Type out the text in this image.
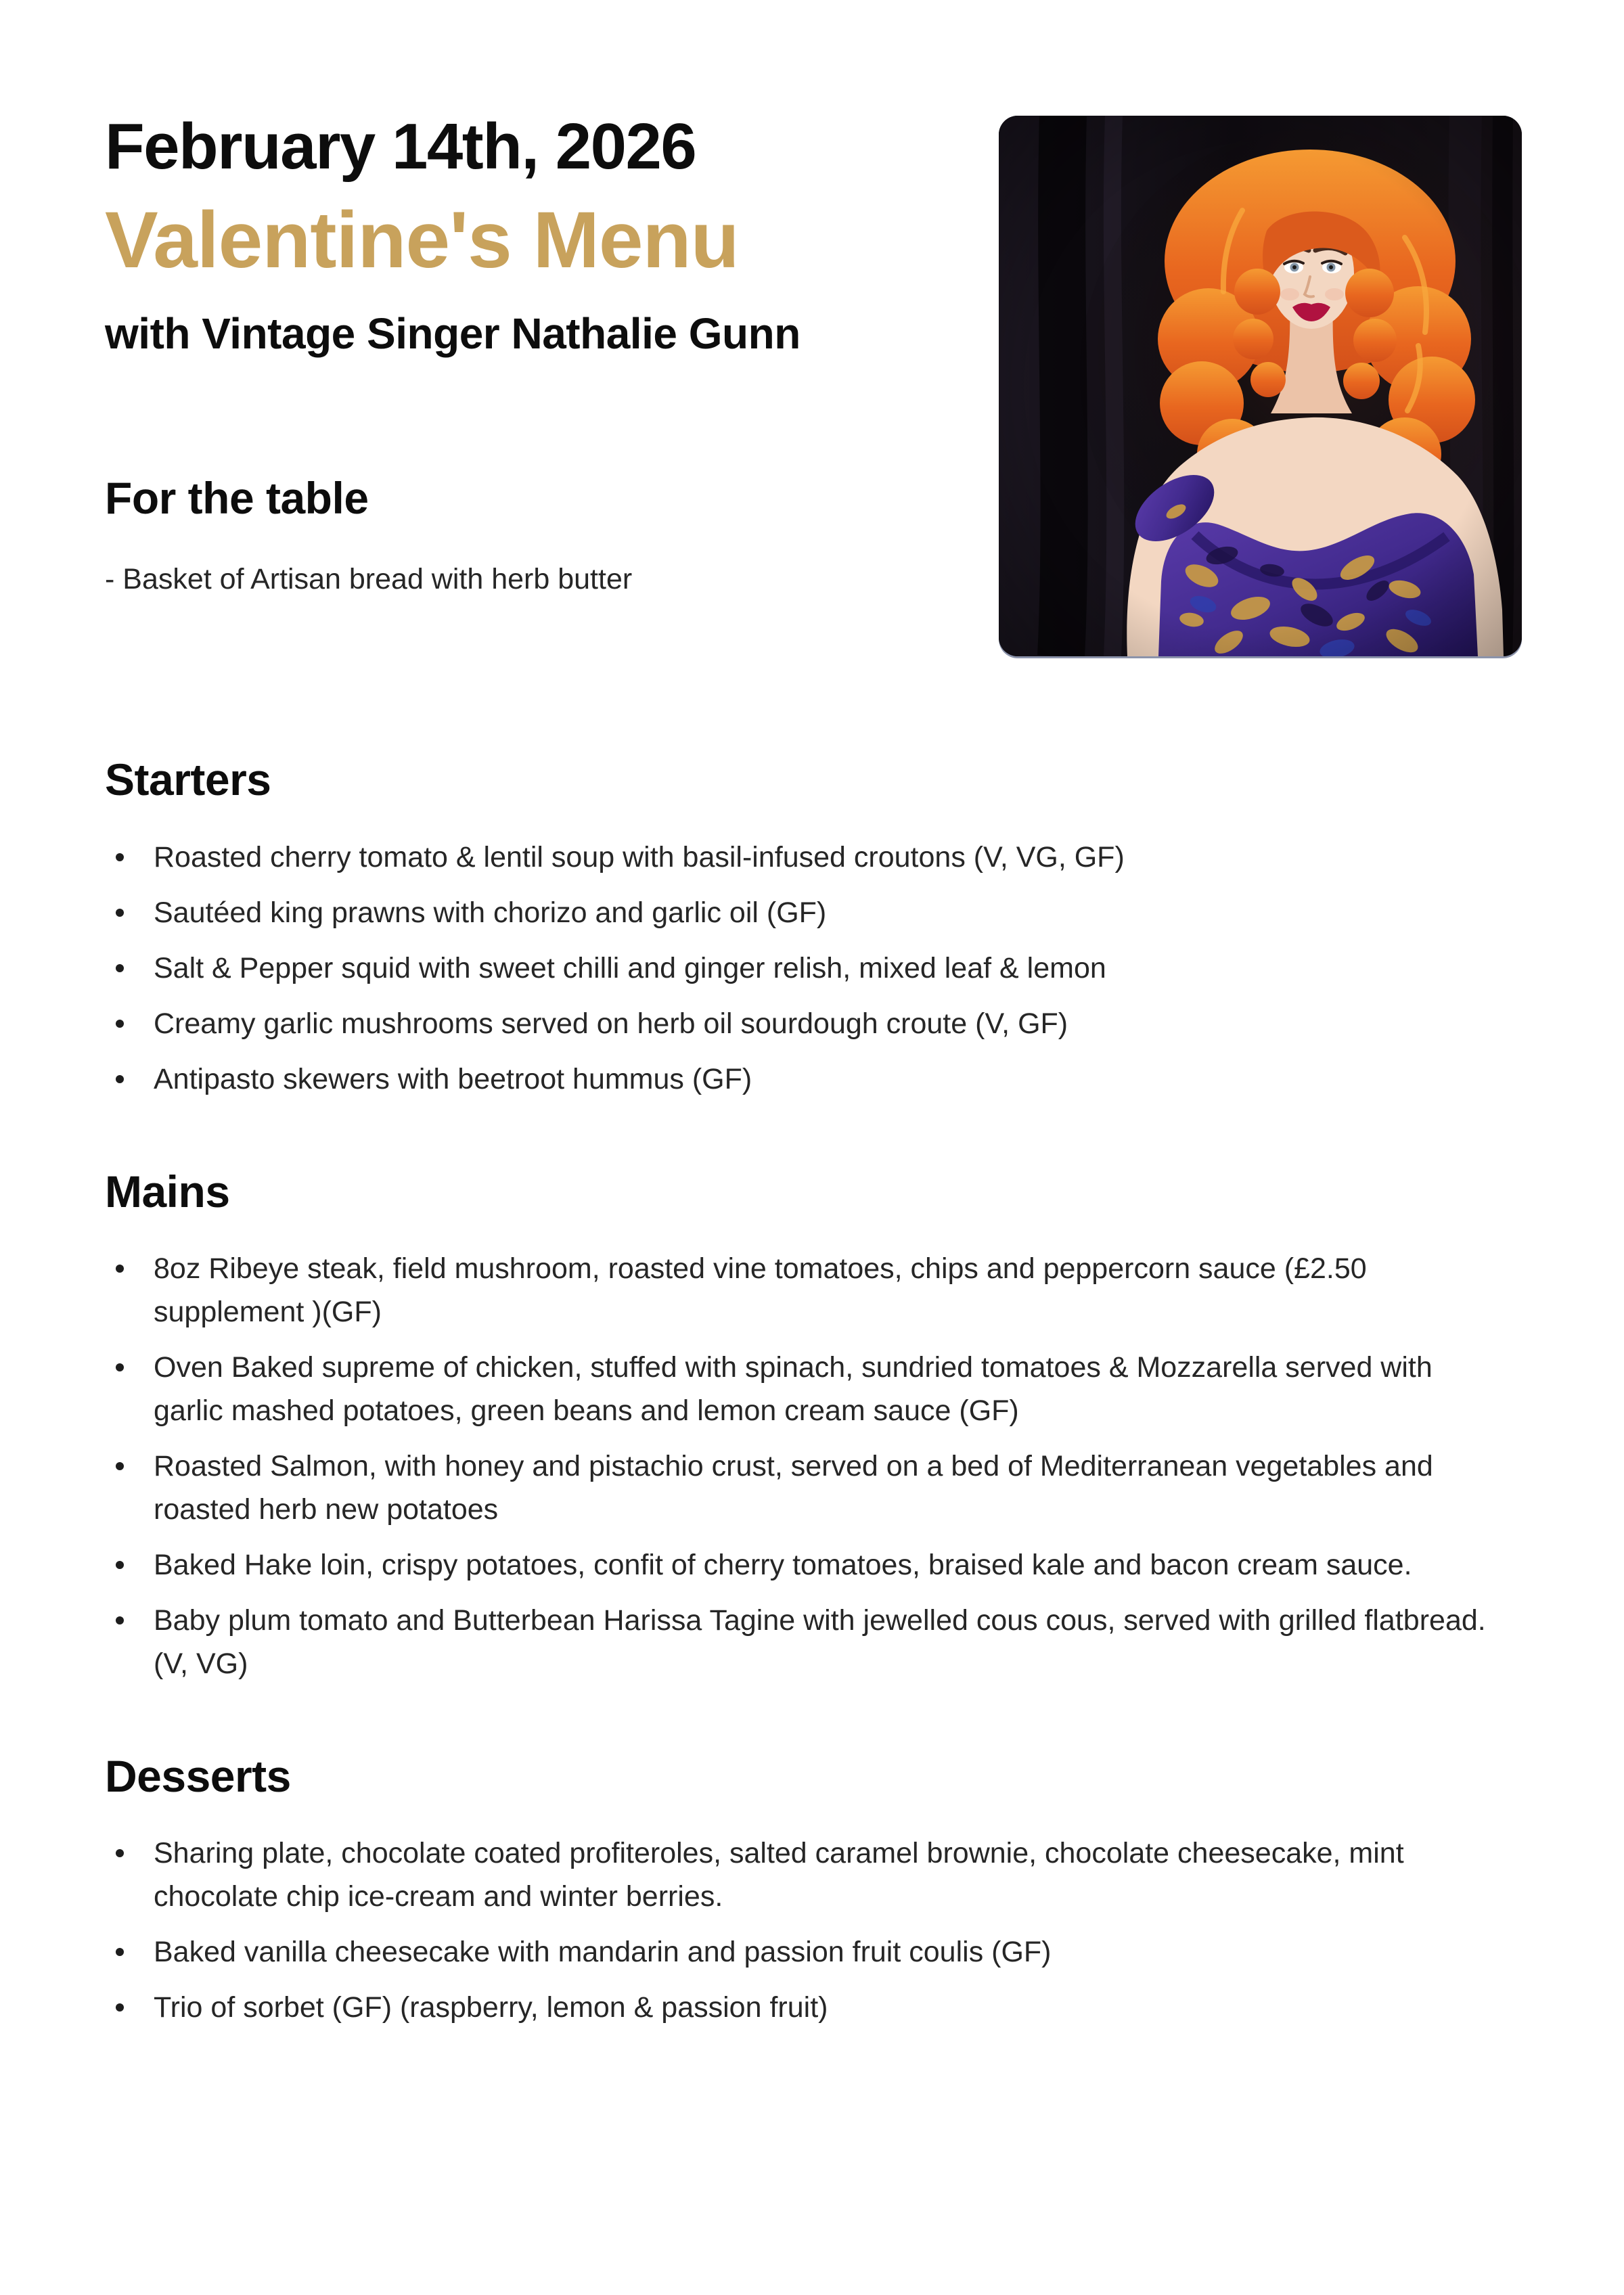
February 14th, 2026
Valentine's Menu
with Vintage Singer Nathalie Gunn
For the table

- Basket of Artisan bread with herb butter

Starters
Roasted cherry tomato & lentil soup with basil-infused croutons (V, VG, GF)
Sautéed king prawns with chorizo and garlic oil (GF)
Salt & Pepper squid with sweet chilli and ginger relish, mixed leaf & lemon
Creamy garlic mushrooms served on herb oil sourdough croute (V, GF)
Antipasto skewers with beetroot hummus (GF)
Mains
8oz Ribeye steak, field mushroom, roasted vine tomatoes, chips and peppercorn sauce (£2.50 supplement )(GF)
Oven Baked supreme of chicken, stuffed with spinach, sundried tomatoes & Mozzarella served with garlic mashed potatoes, green beans and lemon cream sauce (GF)
Roasted Salmon, with honey and pistachio crust, served on a bed of Mediterranean vegetables and roasted herb new potatoes
Baked Hake loin, crispy potatoes, confit of cherry tomatoes, braised kale and bacon cream sauce.
Baby plum tomato and Butterbean Harissa Tagine with jewelled cous cous, served with grilled flatbread. (V, VG)
Desserts
Sharing plate, chocolate coated profiteroles, salted caramel brownie, chocolate cheesecake, mint chocolate chip ice-cream and winter berries.
Baked vanilla cheesecake with mandarin and passion fruit coulis (GF)
Trio of sorbet (GF) (raspberry, lemon & passion fruit)
